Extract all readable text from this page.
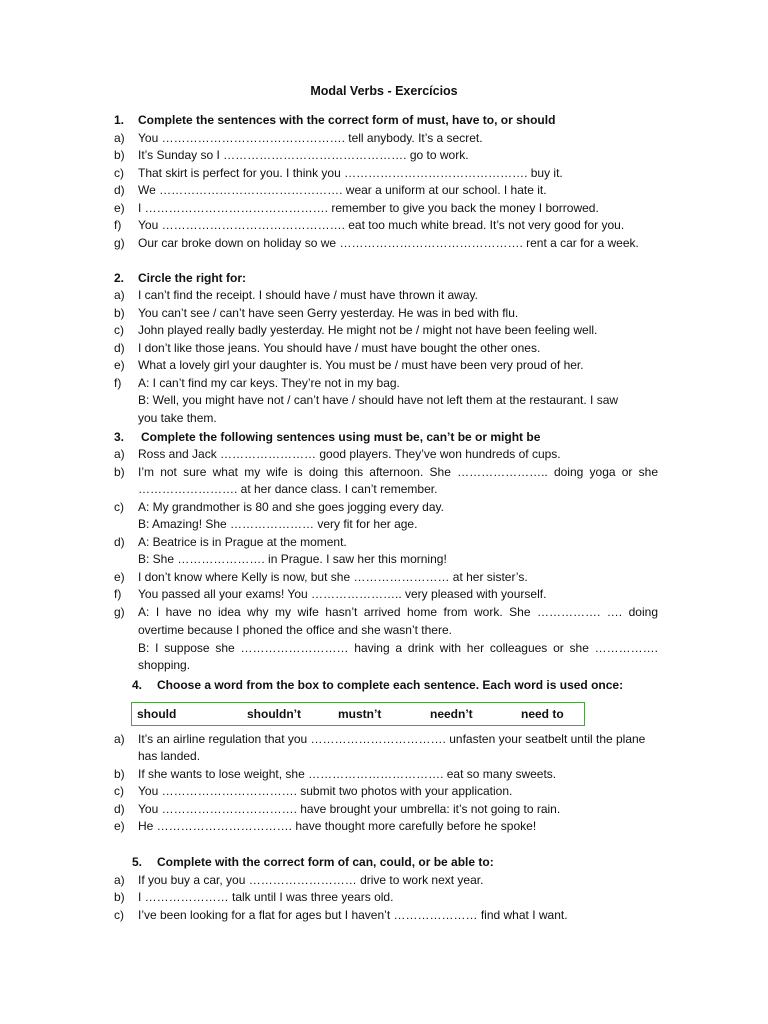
Modal Verbs - Exercícios
1. Complete the sentences with the correct form of must, have to, or should
a) You ………………………………………. tell anybody. It’s a secret.
b) It’s Sunday so I ………………………………………. go to work.
c) That skirt is perfect for you. I think you ………………………………………. buy it.
d) We ………………………………………. wear a uniform at our school. I hate it.
e) I ………………………………………. remember to give you back the money I borrowed.
f) You ………………………………………. eat too much white bread. It’s not very good for you.
g) Our car broke down on holiday so we ………………………………………. rent a car for a week.
2. Circle the right for:
a) I can’t find the receipt. I should have / must have thrown it away.
b) You can’t see / can’t have seen Gerry yesterday. He was in bed with flu.
c) John played really badly yesterday. He might not be / might not have been feeling well.
d) I don’t like those jeans. You should have / must have bought the other ones.
e) What a lovely girl your daughter is. You must be / must have been very proud of her.
f) A: I can’t find my car keys. They’re not in my bag.
B: Well, you might have not / can’t have / should have not left them at the restaurant. I saw
you take them.
3. Complete the following sentences using must be, can’t be or might be
a) Ross and Jack …………………… good players. They’ve won hundreds of cups.
b) I’m not sure what my wife is doing this afternoon. She ………………….. doing yoga or she
……………………. at her dance class. I can’t remember.
c) A: My grandmother is 80 and she goes jogging every day.
B: Amazing! She ………………… very fit for her age.
d) A: Beatrice is in Prague at the moment.
B: She …………………. in Prague. I saw her this morning!
e) I don’t know where Kelly is now, but she …………………… at her sister’s.
f) You passed all your exams! You ………………….. very pleased with yourself.
g) A: I have no idea why my wife hasn’t arrived home from work. She ……………. …. doing
overtime because I phoned the office and she wasn’t there.
B: I suppose she ……………………… having a drink with her colleagues or she …………….
shopping.
4. Choose a word from the box to complete each sentence. Each word is used once:
should	shouldn’t	mustn’t	needn’t	need to
a) It’s an airline regulation that you ……………………………. unfasten your seatbelt until the plane
has landed.
b) If she wants to lose weight, she ……………………………. eat so many sweets.
c) You ……………………………. submit two photos with your application.
d) You ……………………………. have brought your umbrella: it’s not going to rain.
e) He ……………………………. have thought more carefully before he spoke!
5. Complete with the correct form of can, could, or be able to:
a) If you buy a car, you ……………………… drive to work next year.
b) I ………………… talk until I was three years old.
c) I’ve been looking for a flat for ages but I haven’t ………………… find what I want.
